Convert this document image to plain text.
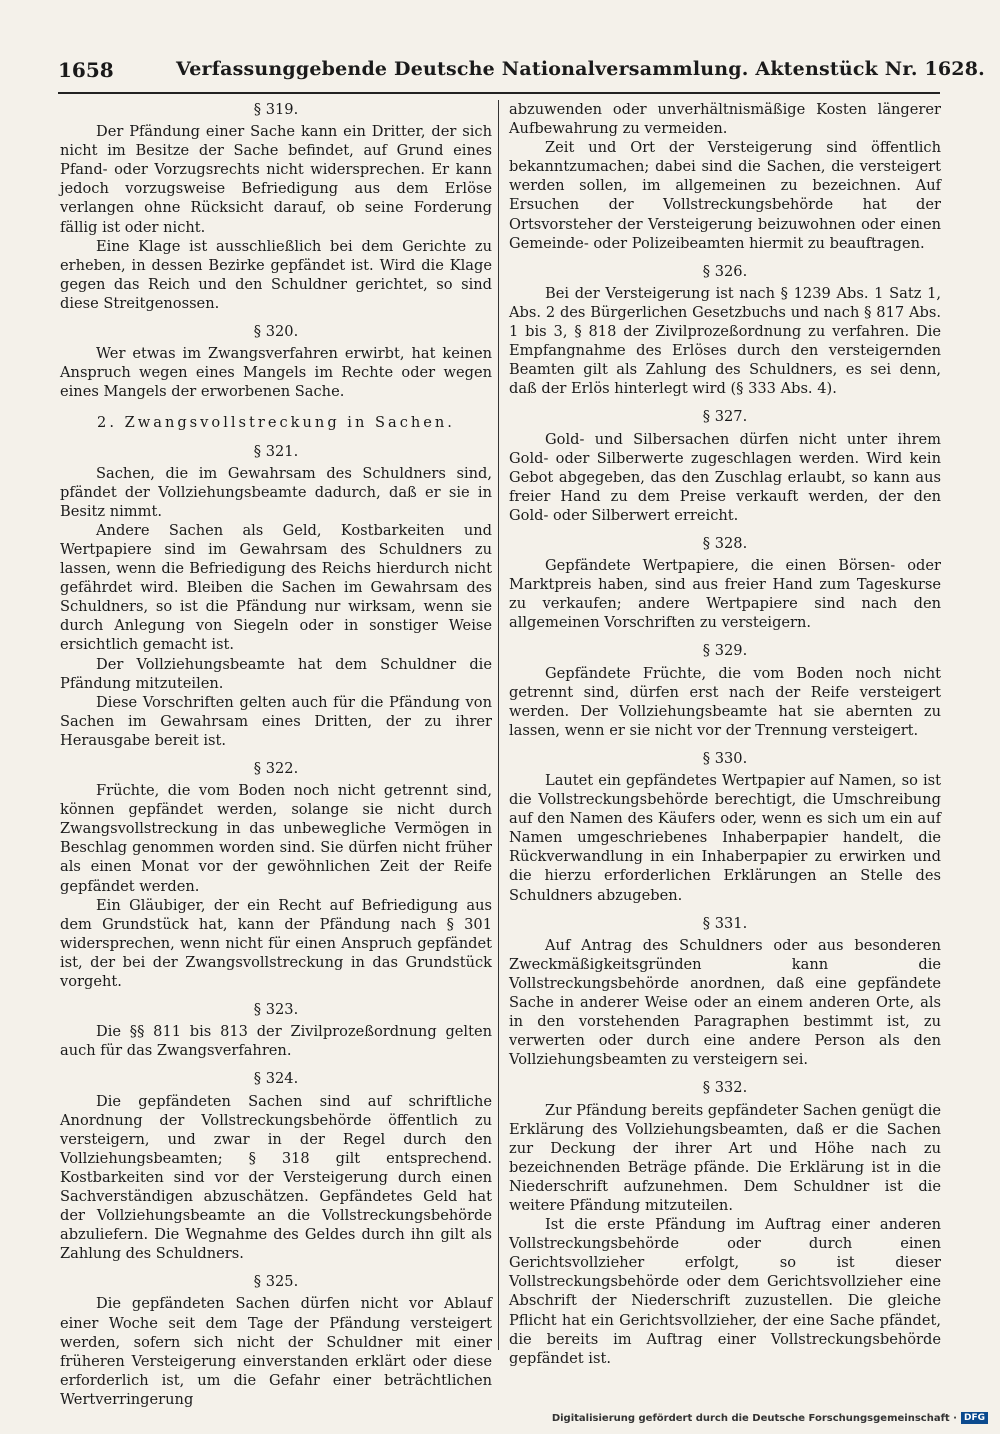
1658	Verfassunggebende Deutsche Nationalversammlung. Aktenstück Nr. 1628.
§ 319.

Der Pfändung einer Sache kann ein Dritter, der sich nicht im Besitze der Sache befindet, auf Grund eines Pfand- oder Vorzugsrechts nicht widersprechen. Er kann jedoch vorzugsweise Befriedigung aus dem Erlöse verlangen ohne Rücksicht darauf, ob seine Forderung fällig ist oder nicht.

Eine Klage ist ausschließlich bei dem Gerichte zu erheben, in dessen Bezirke gepfändet ist. Wird die Klage gegen das Reich und den Schuldner gerichtet, so sind diese Streitgenossen.

§ 320.

Wer etwas im Zwangsverfahren erwirbt, hat keinen Anspruch wegen eines Mangels im Rechte oder wegen eines Mangels der erworbenen Sache.

2. Zwangsvollstreckung in Sachen.
§ 321.

Sachen, die im Gewahrsam des Schuldners sind, pfändet der Vollziehungsbeamte dadurch, daß er sie in Besitz nimmt.

Andere Sachen als Geld, Kostbarkeiten und Wertpapiere sind im Gewahrsam des Schuldners zu lassen, wenn die Befriedigung des Reichs hierdurch nicht gefährdet wird. Bleiben die Sachen im Gewahrsam des Schuldners, so ist die Pfändung nur wirksam, wenn sie durch Anlegung von Siegeln oder in sonstiger Weise ersichtlich gemacht ist.

Der Vollziehungsbeamte hat dem Schuldner die Pfändung mitzuteilen.

Diese Vorschriften gelten auch für die Pfändung von Sachen im Gewahrsam eines Dritten, der zu ihrer Herausgabe bereit ist.

§ 322.

Früchte, die vom Boden noch nicht getrennt sind, können gepfändet werden, solange sie nicht durch Zwangsvollstreckung in das unbewegliche Vermögen in Beschlag genommen worden sind. Sie dürfen nicht früher als einen Monat vor der gewöhnlichen Zeit der Reife gepfändet werden.

Ein Gläubiger, der ein Recht auf Befriedigung aus dem Grundstück hat, kann der Pfändung nach § 301 widersprechen, wenn nicht für einen Anspruch gepfändet ist, der bei der Zwangsvollstreckung in das Grundstück vorgeht.

§ 323.

Die §§ 811 bis 813 der Zivilprozeßordnung gelten auch für das Zwangsverfahren.

§ 324.

Die gepfändeten Sachen sind auf schriftliche Anordnung der Vollstreckungsbehörde öffentlich zu versteigern, und zwar in der Regel durch den Vollziehungsbeamten; § 318 gilt entsprechend. Kostbarkeiten sind vor der Versteigerung durch einen Sachverständigen abzuschätzen. Gepfändetes Geld hat der Vollziehungsbeamte an die Vollstreckungsbehörde abzuliefern. Die Wegnahme des Geldes durch ihn gilt als Zahlung des Schuldners.

§ 325.

Die gepfändeten Sachen dürfen nicht vor Ablauf einer Woche seit dem Tage der Pfändung versteigert werden, sofern sich nicht der Schuldner mit einer früheren Versteigerung einverstanden erklärt oder diese erforderlich ist, um die Gefahr einer beträchtlichen Wertverringerung

abzuwenden oder unverhältnismäßige Kosten längerer Aufbewahrung zu vermeiden.

Zeit und Ort der Versteigerung sind öffentlich bekanntzumachen; dabei sind die Sachen, die versteigert werden sollen, im allgemeinen zu bezeichnen. Auf Ersuchen der Vollstreckungsbehörde hat der Ortsvorsteher der Versteigerung beizuwohnen oder einen Gemeinde- oder Polizeibeamten hiermit zu beauftragen.

§ 326.

Bei der Versteigerung ist nach § 1239 Abs. 1 Satz 1, Abs. 2 des Bürgerlichen Gesetzbuchs und nach § 817 Abs. 1 bis 3, § 818 der Zivilprozeßordnung zu verfahren. Die Empfangnahme des Erlöses durch den versteigernden Beamten gilt als Zahlung des Schuldners, es sei denn, daß der Erlös hinterlegt wird (§ 333 Abs. 4).

§ 327.

Gold- und Silbersachen dürfen nicht unter ihrem Gold- oder Silberwerte zugeschlagen werden. Wird kein Gebot abgegeben, das den Zuschlag erlaubt, so kann aus freier Hand zu dem Preise verkauft werden, der den Gold- oder Silberwert erreicht.

§ 328.

Gepfändete Wertpapiere, die einen Börsen- oder Marktpreis haben, sind aus freier Hand zum Tageskurse zu verkaufen; andere Wertpapiere sind nach den allgemeinen Vorschriften zu versteigern.

§ 329.

Gepfändete Früchte, die vom Boden noch nicht getrennt sind, dürfen erst nach der Reife versteigert werden. Der Vollziehungsbeamte hat sie abernten zu lassen, wenn er sie nicht vor der Trennung versteigert.

§ 330.

Lautet ein gepfändetes Wertpapier auf Namen, so ist die Vollstreckungsbehörde berechtigt, die Umschreibung auf den Namen des Käufers oder, wenn es sich um ein auf Namen umgeschriebenes Inhaberpapier handelt, die Rückverwandlung in ein Inhaberpapier zu erwirken und die hierzu erforderlichen Erklärungen an Stelle des Schuldners abzugeben.

§ 331.

Auf Antrag des Schuldners oder aus besonderen Zweckmäßigkeitsgründen kann die Vollstreckungsbehörde anordnen, daß eine gepfändete Sache in anderer Weise oder an einem anderen Orte, als in den vorstehenden Paragraphen bestimmt ist, zu verwerten oder durch eine andere Person als den Vollziehungsbeamten zu versteigern sei.

§ 332.

Zur Pfändung bereits gepfändeter Sachen genügt die Erklärung des Vollziehungsbeamten, daß er die Sachen zur Deckung der ihrer Art und Höhe nach zu bezeichnenden Beträge pfände. Die Erklärung ist in die Niederschrift aufzunehmen. Dem Schuldner ist die weitere Pfändung mitzuteilen.

Ist die erste Pfändung im Auftrag einer anderen Vollstreckungsbehörde oder durch einen Gerichtsvollzieher erfolgt, so ist dieser Vollstreckungsbehörde oder dem Gerichtsvollzieher eine Abschrift der Niederschrift zuzustellen. Die gleiche Pflicht hat ein Gerichtsvollzieher, der eine Sache pfändet, die bereits im Auftrag einer Vollstreckungsbehörde gepfändet ist.

Digitalisierung gefördert durch die Deutsche Forschungsgemeinschaft · DFG
